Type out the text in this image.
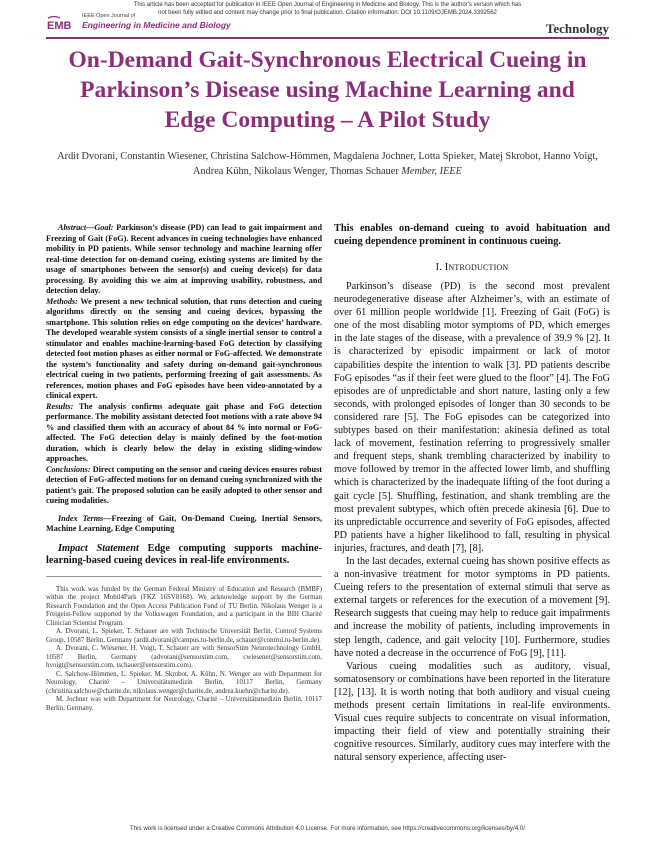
This article has been accepted for publication in IEEE Open Journal of Engineering in Medicine and Biology. This is the author's version which has not been fully edited and content may change prior to final publication. Citation information: DOI 10.1109/OJEMB.2024.3392562
EMB
IEEE Open Journal of
Engineering in Medicine and Biology	Technology
On-Demand Gait-Synchronous Electrical Cueing in
Parkinson’s Disease using Machine Learning and
Edge Computing – A Pilot Study
Ardit Dvorani, Constantin Wiesener, Christina Salchow-Hömmen, Magdalena Jochner, Lotta Spieker, Matej Skrobot, Hanno Voigt, Andrea Kühn, Nikolaus Wenger, Thomas Schauer Member, IEEE

Abstract—Goal: Parkinson’s disease (PD) can lead to gait impairment and Freezing of Gait (FoG). Recent advances in cueing technologies have enhanced mobility in PD patients. While sensor technology and machine learning offer real-time detection for on-demand cueing, existing systems are limited by the usage of smartphones between the sensor(s) and cueing device(s) for data processing. By avoiding this we aim at improving usability, robustness, and detection delay.

Methods: We present a new technical solution, that runs detection and cueing algorithms directly on the sensing and cueing devices, bypassing the smartphone. This solution relies on edge computing on the devices’ hardware. The developed wearable system consists of a single inertial sensor to control a stimulator and enables machine-learning-based FoG detection by classifying detected foot motion phases as either normal or FoG-affected. We demonstrate the system’s functionality and safety during on-demand gait-synchronous electrical cueing in two patients, performing freezing of gait assessments. As references, motion phases and FoG episodes have been video-annotated by a clinical expert.

Results: The analysis confirms adequate gait phase and FoG detection performance. The mobility assistant detected foot motions with a rate above 94 % and classified them with an accuracy of about 84 % into normal or FoG-affected. The FoG detection delay is mainly defined by the foot-motion duration, which is clearly below the delay in existing sliding-window approaches.

Conclusions: Direct computing on the sensor and cueing devices ensures robust detection of FoG-affected motions for on demand cueing synchronized with the patient’s gait. The proposed solution can be easily adopted to other sensor and cueing modalities.

Index Terms—Freezing of Gait, On-Demand Cueing, Inertial Sensors, Machine Learning, Edge Computing
Impact Statement Edge computing supports machine-learning-based cueing devices in real-life environments.

This work was funded by the German Federal Ministry of Education and Research (BMBF) within the project Mobil4Park (FKZ 16SV8168). We acknowledge support by the German Research Foundation and the Open Access Publication Fund of TU Berlin. Nikolaus Wenger is a Freigeist-Fellow supported by the Volkswagen Foundation, and a participant in the BIH Charité Clinician Scientist Program.

A. Dvorani, L. Spieker, T. Schauer are with Technische Universität Berlin, Control Systems Group, 10587 Berlin, Germany (ardit.dvorani@campus.tu-berlin.de, schauer@control.tu-berlin.de).

A. Dvorani, C. Wiesener, H. Voigt, T. Schauer are with SensorStim Neurotechnology GmbH, 10587 Berlin, Germany (advorani@sensorstim.com, cwiesener@sensorstim.com, hvoigt@sensorstim.com, tschauer@sensorstim.com).

C. Salchow-Hömmen, L. Spieker, M. Skrobot, A. Kühn, N. Wenger are with Department for Neurology, Charité – Universitätsmedizin Berlin, 10117 Berlin, Germany (christina.salchow@charite.de, nikolaus.wenger@charite.de, andrea.kuehn@charite.de).

M. Jochner was with Department for Neurology, Charité – Universitätsmedizin Berlin, 10117 Berlin, Germany.

This enables on-demand cueing to avoid habituation and cueing dependence prominent in continuous cueing.
I. INTRODUCTION

Parkinson’s disease (PD) is the second most prevalent neurodegenerative disease after Alzheimer’s, with an estimate of over 61 million people worldwide [1]. Freezing of Gait (FoG) is one of the most disabling motor symptoms of PD, which emerges in the late stages of the disease, with a prevalence of 39.9 % [2]. It is characterized by episodic impairment or lack of motor capabilities despite the intention to walk [3]. PD patients describe FoG episodes “as if their feet were glued to the floor” [4]. The FoG episodes are of unpredictable and short nature, lasting only a few seconds, with prolonged episodes of longer than 30 seconds to be considered rare [5]. The FoG episodes can be categorized into subtypes based on their manifestation: akinesia defined as total lack of movement, festination referring to progressively smaller and frequent steps, shank trembling characterized by inability to move followed by tremor in the affected lower limb, and shuffling which is characterized by the inadequate lifting of the foot during a gait cycle [5]. Shuffling, festination, and shank trembling are the most prevalent subtypes, which often precede akinesia [6]. Due to its unpredictable occurrence and severity of FoG episodes, affected PD patients have a higher likelihood to fall, resulting in physical injuries, fractures, and death [7], [8].

In the last decades, external cueing has shown positive effects as a non-invasive treatment for motor symptoms in PD patients. Cueing refers to the presentation of external stimuli that serve as external targets or references for the execution of a movement [9]. Research suggests that cueing may help to reduce gait impairments and increase the mobility of patients, including improvements in step length, cadence, and gait velocity [10]. Furthermore, studies have noted a decrease in the occurrence of FoG [9], [11].

Various cueing modalities such as auditory, visual, somatosensory or combinations have been reported in the literature [12], [13]. It is worth noting that both auditory and visual cueing methods present certain limitations in real-life environments. Visual cues require subjects to concentrate on visual information, impacting their field of view and potentially straining their cognitive resources. Similarly, auditory cues may interfere with the natural sensory experience, affecting user-

This work is licensed under a Creative Commons Attribution 4.0 License. For more information, see https://creativecommons.org/licenses/by/4.0/
